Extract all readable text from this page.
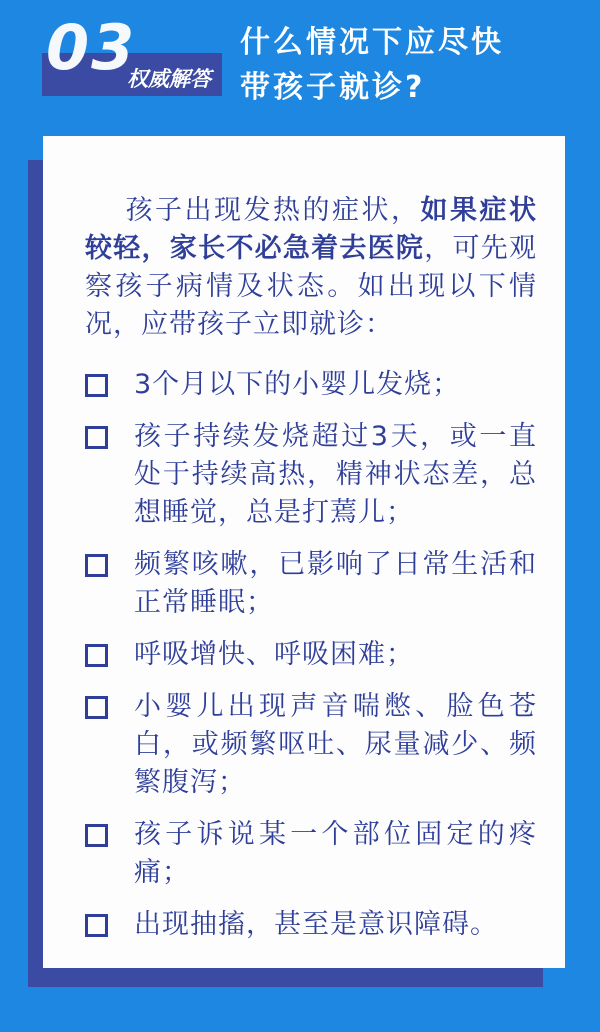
03
权威解答
什么情况下应尽快
带孩子就诊?

孩子出现发热的症状，如果症状较轻，家长不必急着去医院，可先观察孩子病情及状态。如出现以下情况，应带孩子立即就诊：

3个月以下的小婴儿发烧；
孩子持续发烧超过3天，或一直处于持续高热，精神状态差，总想睡觉，总是打蔫儿；
频繁咳嗽，已影响了日常生活和正常睡眠；
呼吸增快、呼吸困难；
小婴儿出现声音喘憋、脸色苍白，或频繁呕吐、尿量减少、频繁腹泻；
孩子诉说某一个部位固定的疼痛；
出现抽搐，甚至是意识障碍。
